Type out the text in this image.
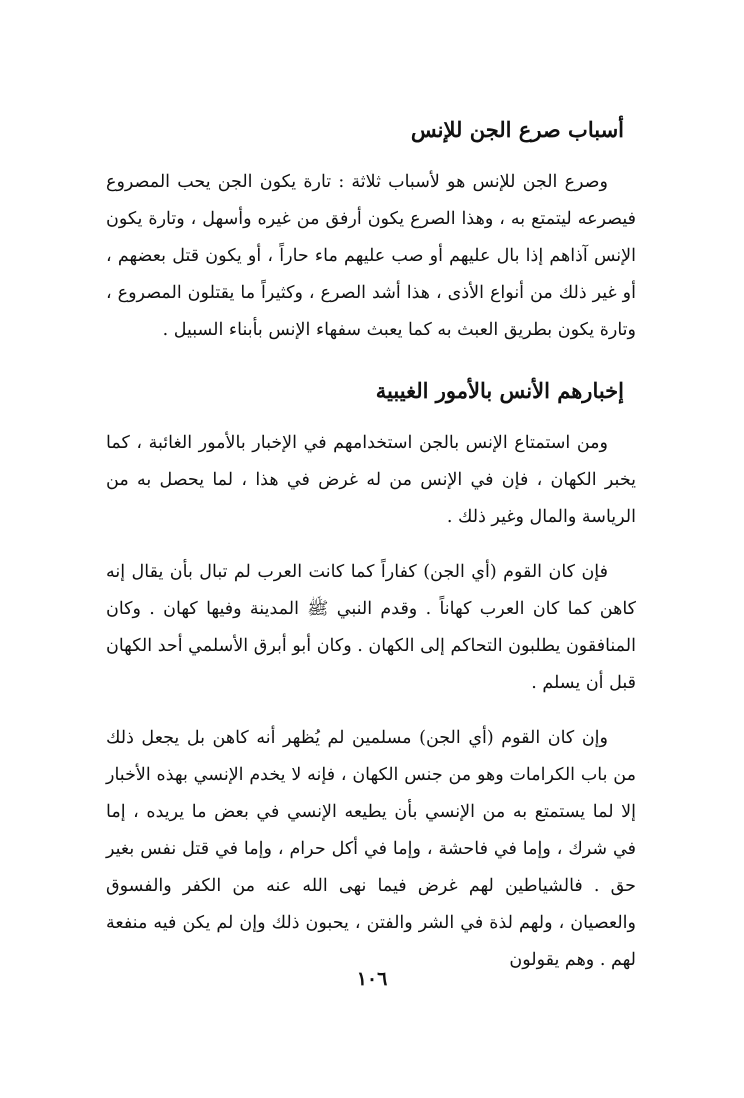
أسباب صرع الجن للإنس

وصرع الجن للإنس هو لأسباب ثلاثة : تارة يكون الجن يحب المصروع فيصرعه ليتمتع به ، وهذا الصرع يكون أرفق من غيره وأسهل ، وتارة يكون الإنس آذاهم إذا بال عليهم أو صب عليهم ماء حاراً ، أو يكون قتل بعضهم ، أو غير ذلك من أنواع الأذى ، هذا أشد الصرع ، وكثيراً ما يقتلون المصروع ، وتارة يكون بطريق العبث به كما يعبث سفهاء الإنس بأبناء السبيل .

إخبارهم الأنس بالأمور الغيبية

ومن استمتاع الإنس بالجن استخدامهم في الإخبار بالأمور الغائبة ، كما يخبر الكهان ، فإن في الإنس من له غرض في هذا ، لما يحصل به من الرياسة والمال وغير ذلك .

فإن كان القوم (أي الجن) كفاراً كما كانت العرب لم تبال بأن يقال إنه كاهن كما كان العرب كهاناً . وقدم النبي ﷺ المدينة وفيها كهان . وكان المنافقون يطلبون التحاكم إلى الكهان . وكان أبو أبرق الأسلمي أحد الكهان قبل أن يسلم .

وإن كان القوم (أي الجن) مسلمين لم يُظهر أنه كاهن بل يجعل ذلك من باب الكرامات وهو من جنس الكهان ، فإنه لا يخدم الإنسي بهذه الأخبار إلا لما يستمتع به من الإنسي بأن يطيعه الإنسي في بعض ما يريده ، إما في شرك ، وإما في فاحشة ، وإما في أكل حرام ، وإما في قتل نفس بغير حق . فالشياطين لهم غرض فيما نهى الله عنه من الكفر والفسوق والعصيان ، ولهم لذة في الشر والفتن ، يحبون ذلك وإن لم يكن فيه منفعة لهم . وهم يقولون

١٠٦
